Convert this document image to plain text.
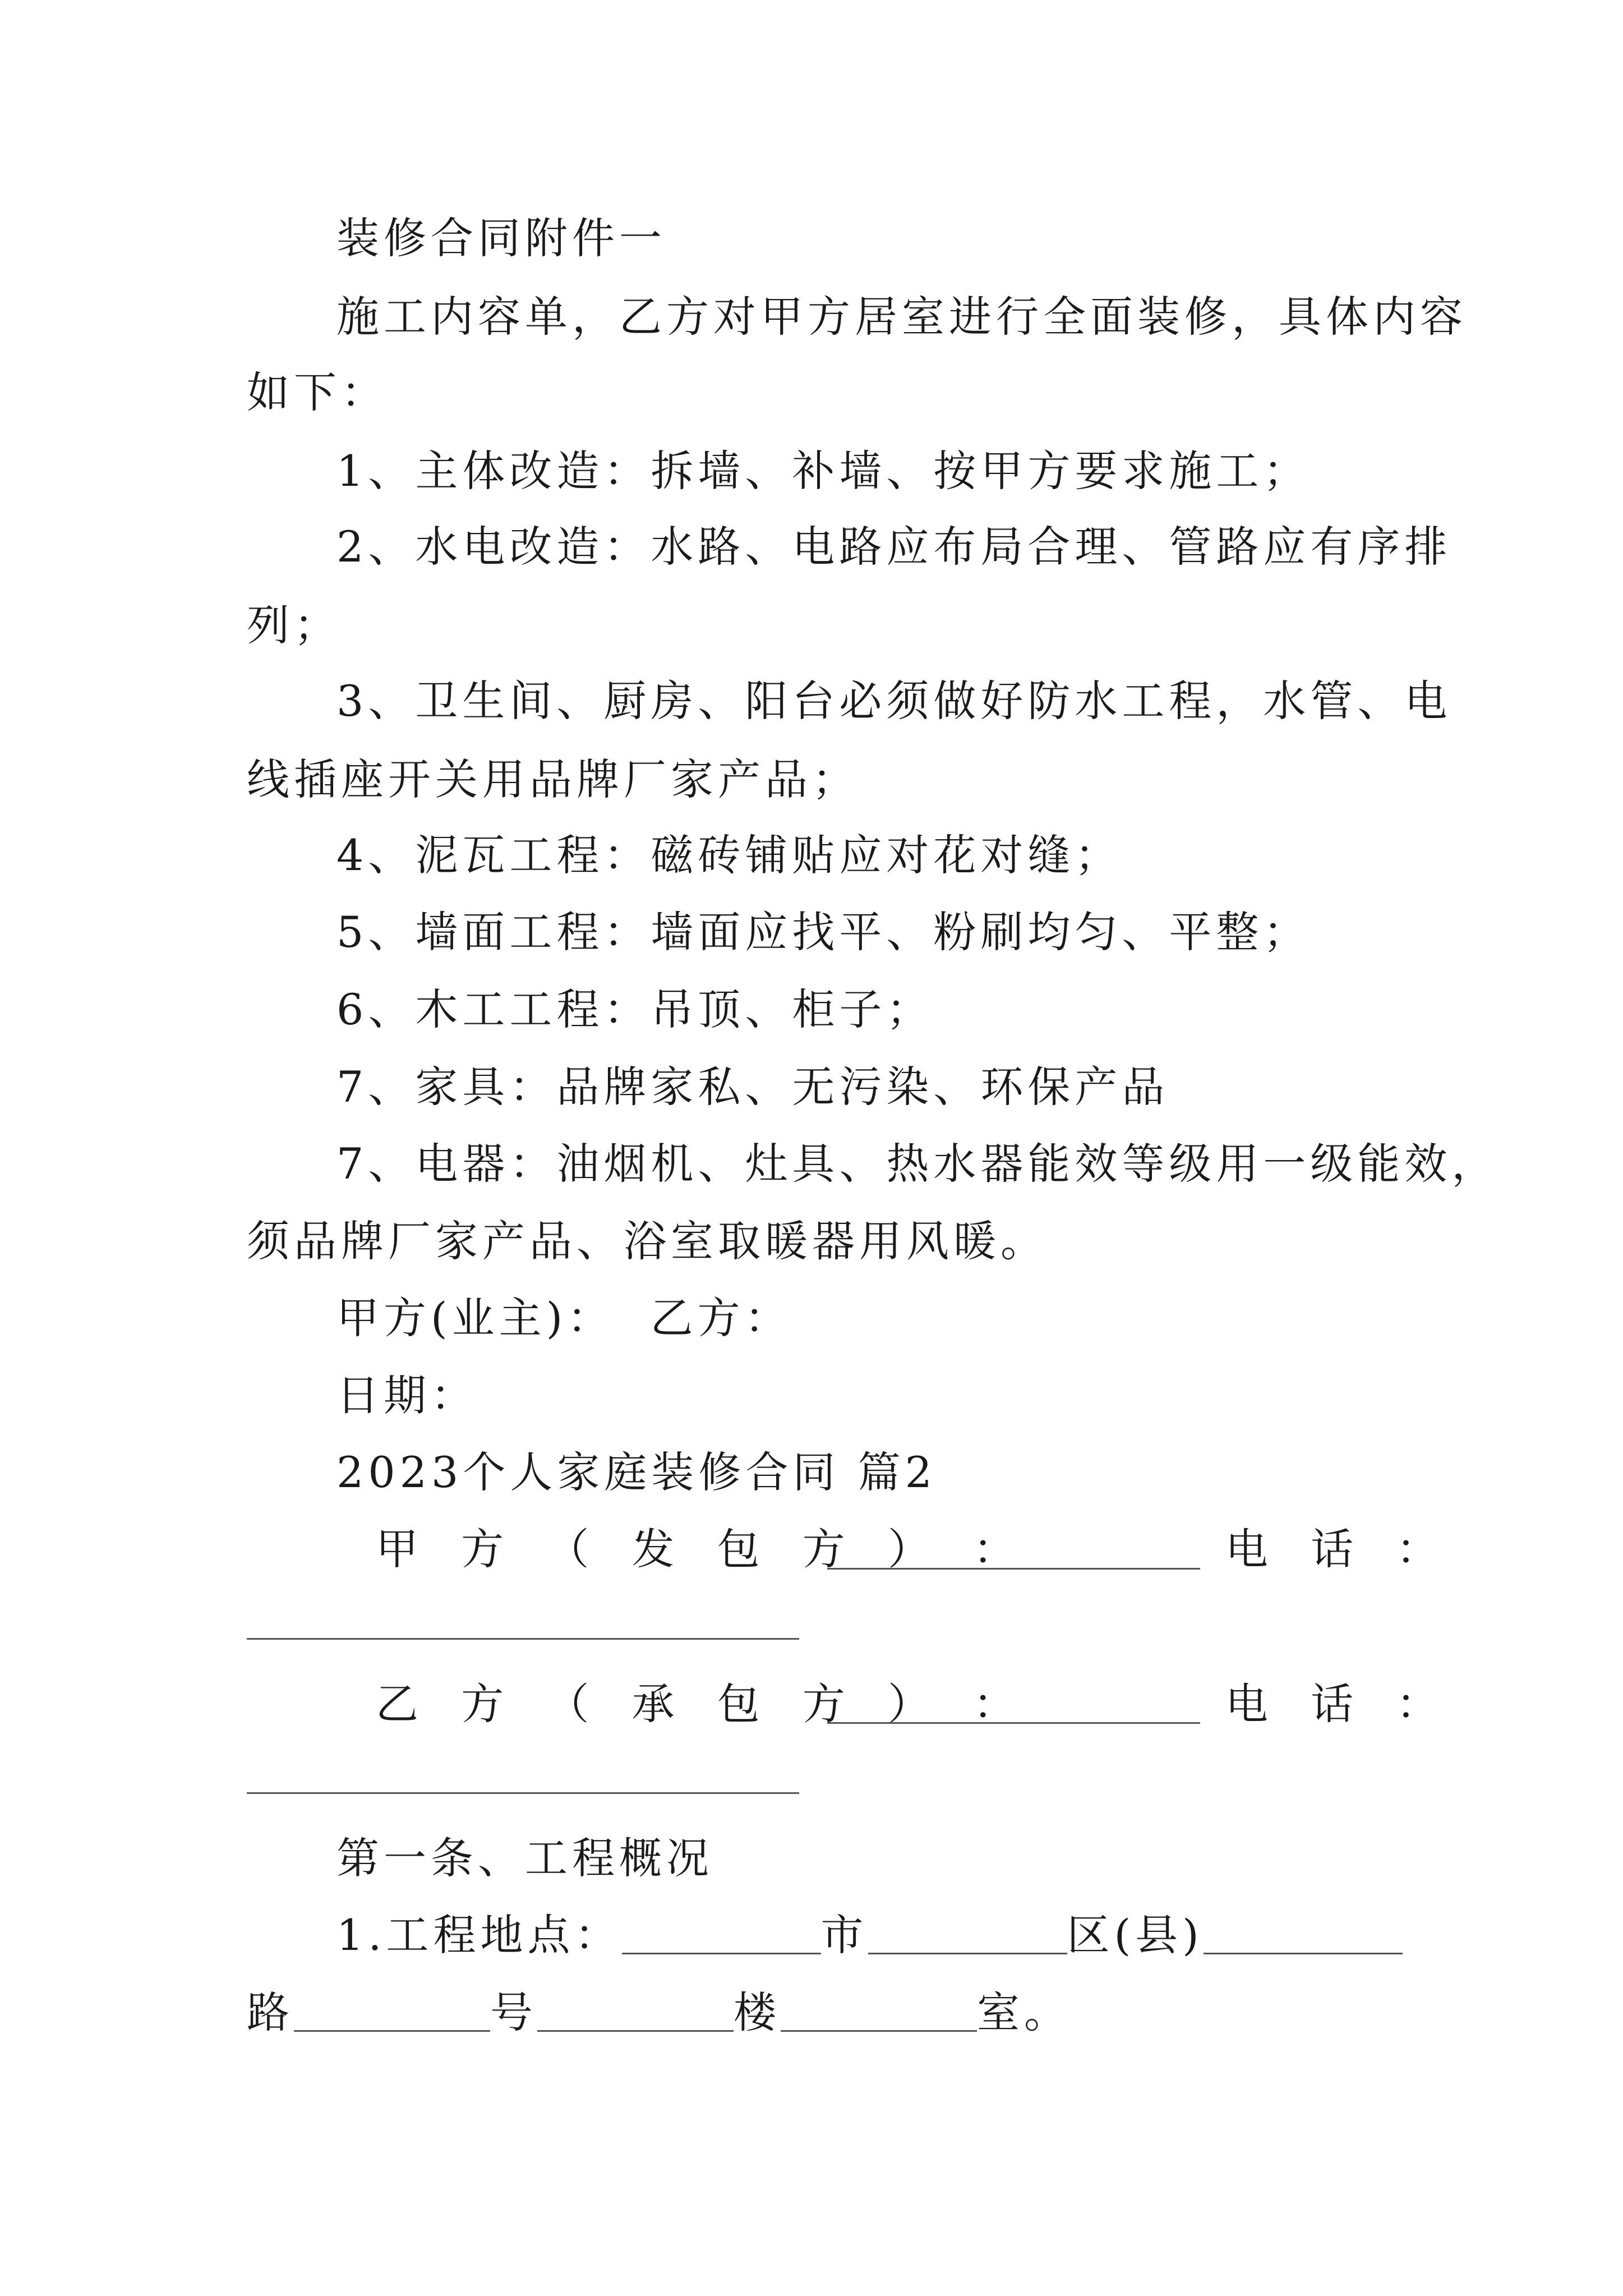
装修合同附件一
施工内容单，乙方对甲方居室进行全面装修，具体内容
如下：
1、主体改造：拆墙、补墙、按甲方要求施工；
2、水电改造：水路、电路应布局合理、管路应有序排
列；
3、卫生间、厨房、阳台必须做好防水工程，水管、电
线插座开关用品牌厂家产品；
4、泥瓦工程：磁砖铺贴应对花对缝；
5、墙面工程：墙面应找平、粉刷均匀、平整；
6、木工工程：吊顶、柜子；
7、家具：品牌家私、无污染、环保产品
7、电器：油烟机、灶具、热水器能效等级用一级能效，
须品牌厂家产品、浴室取暖器用风暖。
甲方(业主)：  乙方：
日期：
2023个人家庭装修合同 篇2
甲 方 （ 发 包 方 ） ：	电 话 ：
乙 方 （ 承 包 方 ） ：	电 话 ：
第一条、工程概况
1.工程地点：	市	区(县)
路	号	楼	室。
